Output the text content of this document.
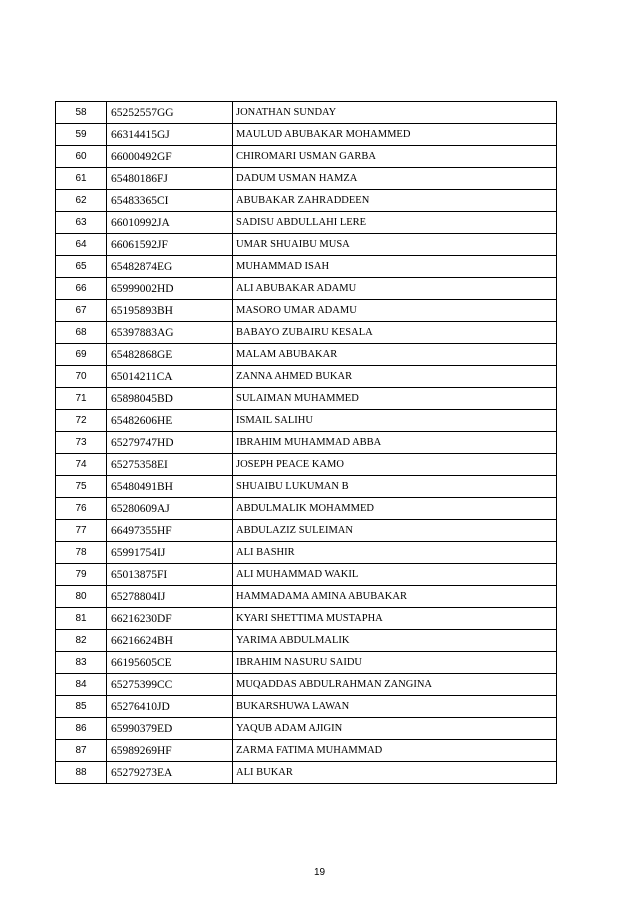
58	65252557GG	JONATHAN SUNDAY
59	66314415GJ	MAULUD ABUBAKAR MOHAMMED
60	66000492GF	CHIROMARI USMAN GARBA
61	65480186FJ	DADUM USMAN HAMZA
62	65483365CI	ABUBAKAR ZAHRADDEEN
63	66010992JA	SADISU ABDULLAHI LERE
64	66061592JF	UMAR SHUAIBU MUSA
65	65482874EG	MUHAMMAD ISAH
66	65999002HD	ALI ABUBAKAR ADAMU
67	65195893BH	MASORO UMAR ADAMU
68	65397883AG	BABAYO ZUBAIRU KESALA
69	65482868GE	MALAM ABUBAKAR
70	65014211CA	ZANNA AHMED BUKAR
71	65898045BD	SULAIMAN MUHAMMED
72	65482606HE	ISMAIL SALIHU
73	65279747HD	IBRAHIM MUHAMMAD ABBA
74	65275358EI	JOSEPH PEACE KAMO
75	65480491BH	SHUAIBU LUKUMAN B
76	65280609AJ	ABDULMALIK MOHAMMED
77	66497355HF	ABDULAZIZ SULEIMAN
78	65991754IJ	ALI BASHIR
79	65013875FI	ALI MUHAMMAD WAKIL
80	65278804IJ	HAMMADAMA AMINA ABUBAKAR
81	66216230DF	KYARI SHETTIMA MUSTAPHA
82	66216624BH	YARIMA ABDULMALIK
83	66195605CE	IBRAHIM NASURU SAIDU
84	65275399CC	MUQADDAS ABDULRAHMAN ZANGINA
85	65276410JD	BUKARSHUWA LAWAN
86	65990379ED	YAQUB ADAM AJIGIN
87	65989269HF	ZARMA FATIMA MUHAMMAD
88	65279273EA	ALI BUKAR
19
